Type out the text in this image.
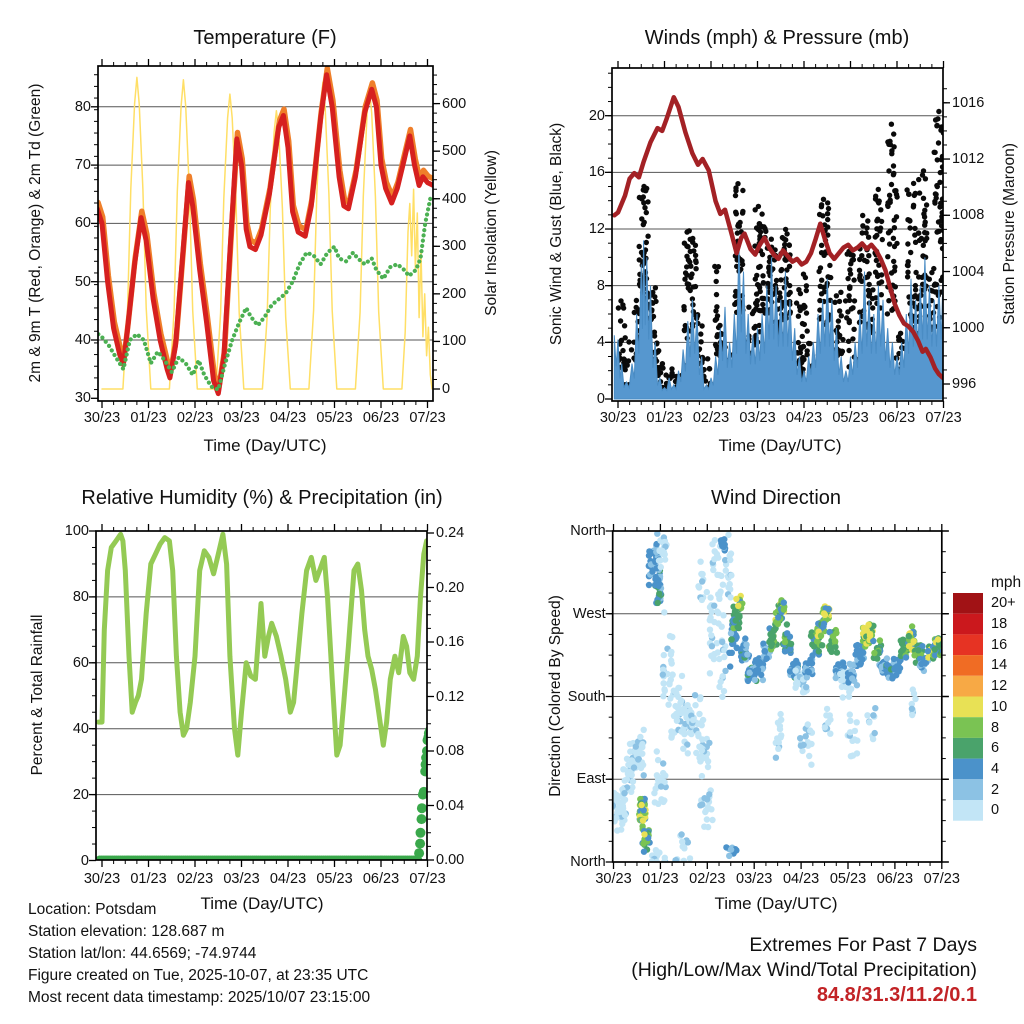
Temperature (F)	Winds (mph) & Pressure (mb)
Relative Humidity (%) & Precipitation (in)	Wind Direction
Time (Day/UTC)	Time (Day/UTC)
Time (Day/UTC)	Time (Day/UTC)
2m & 9m T (Red, Orange) & 2m Td (Green)	Solar Insolation (Yellow)	Sonic Wind & Gust (Blue, Black)	Station Pressure (Maroon)
Percent & Total Rainfall	Direction (Colored By Speed)
mph
Location: Potsdam
Station elevation: 128.687 m
Station lat/lon: 44.6569; -74.9744
Figure created on Tue, 2025-10-07, at 23:35 UTC
Most recent data timestamp: 2025/10/07 23:15:00
Extremes For Past 7 Days
(High/Low/Max Wind/Total Precipitation)
84.8/31.3/11.2/0.1
30/23 01/23 02/23 03/23 04/23 05/23 06/23 07/23
30
40
50
60
70
80
0
100
200
300
400
500
600
30/23 01/23 02/23 03/23 04/23 05/23 06/23 07/23
0
4
8
12
16
20
996
1000
1004
1008
1012
1016
30/23 01/23 02/23 03/23 04/23 05/23 06/23 07/23
0
20
40
60
80
100
0.00
0.04
0.08
0.12
0.16
0.20
0.24
30/23 01/23 02/23 03/23 04/23 05/23 06/23 07/23
North
West
South
East
North
20+
18
16
14
12
10
8
6
4
2
0
